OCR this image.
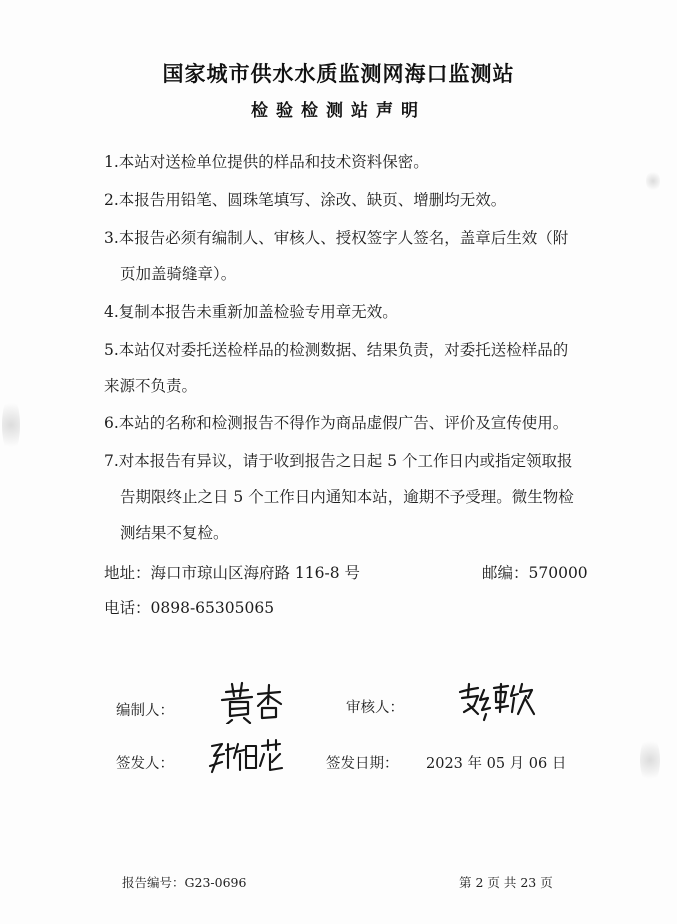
国家城市供水水质监测网海口监测站
检验检测站声明
1.本站对送检单位提供的样品和技术资料保密。
2.本报告用铅笔、圆珠笔填写、涂改、缺页、增删均无效。
3.本报告必须有编制人、审核人、授权签字人签名，盖章后生效（附
页加盖骑缝章）。
4.复制本报告未重新加盖检验专用章无效。
5.本站仅对委托送检样品的检测数据、结果负责，对委托送检样品的
来源不负责。
6.本站的名称和检测报告不得作为商品虚假广告、评价及宣传使用。
7.对本报告有异议，请于收到报告之日起 5 个工作日内或指定领取报
告期限终止之日 5 个工作日内通知本站，逾期不予受理。微生物检
测结果不复检。
地址：海口市琼山区海府路 116-8 号	邮编：570000
电话：0898-65305065
编制人：	审核人：
签发人：	签发日期： 2023 年 05 月 06 日
报告编号：G23-0696	第 2 页 共 23 页
